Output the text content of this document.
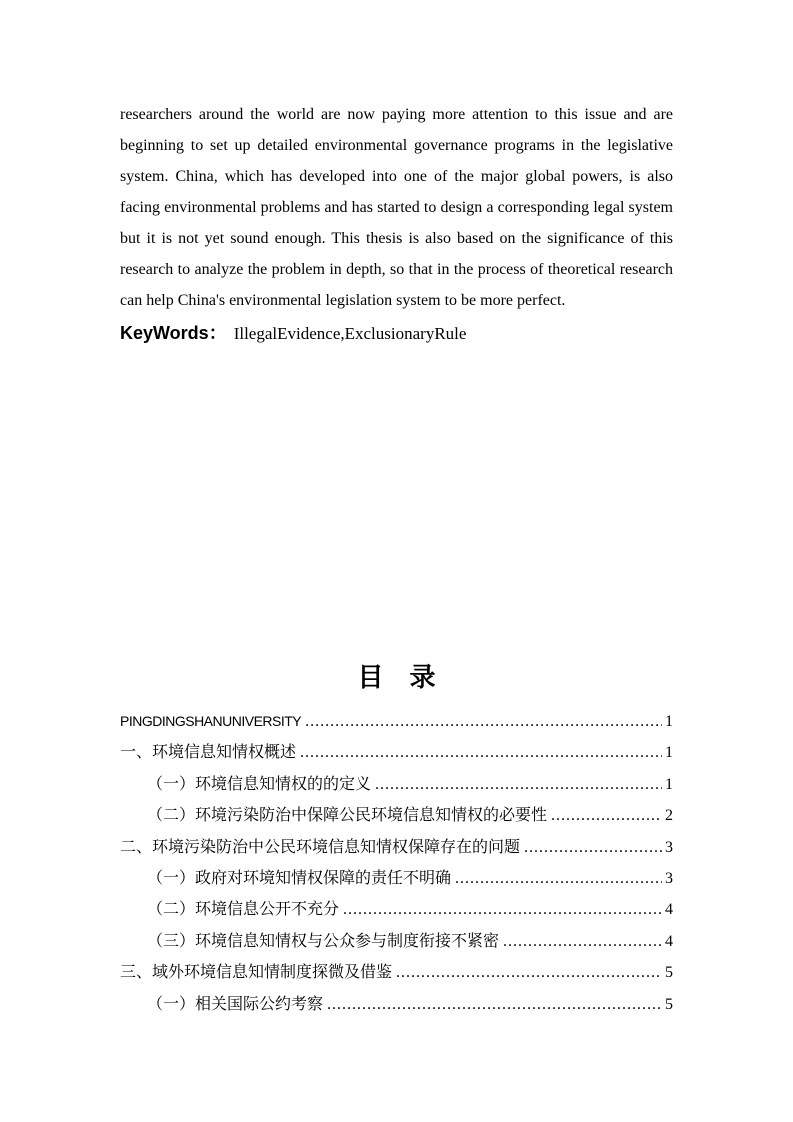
researchers around the world are now paying more attention to this issue and are
beginning to set up detailed environmental governance programs in the legislative
system. China, which has developed into one of the major global powers, is also
facing environmental problems and has started to design a corresponding legal system
but it is not yet sound enough. This thesis is also based on the significance of this
research to analyze the problem in depth, so that in the process of theoretical research
can help China's environmental legislation system to be more perfect.

KeyWords： IllegalEvidence,ExclusionaryRule

目　录
PINGDINGSHANUNIVERSITY .....	1
一、环境信息知情权概述 .....	1
（一）环境信息知情权的的定义 .....	1
（二）环境污染防治中保障公民环境信息知情权的必要性 .....	2
二、环境污染防治中公民环境信息知情权保障存在的问题 .....	3
（一）政府对环境知情权保障的责任不明确 .....	3
（二）环境信息公开不充分 .....	4
（三）环境信息知情权与公众参与制度衔接不紧密 .....	4
三、域外环境信息知情制度探微及借鉴 .....	5
（一）相关国际公约考察 .....	5
